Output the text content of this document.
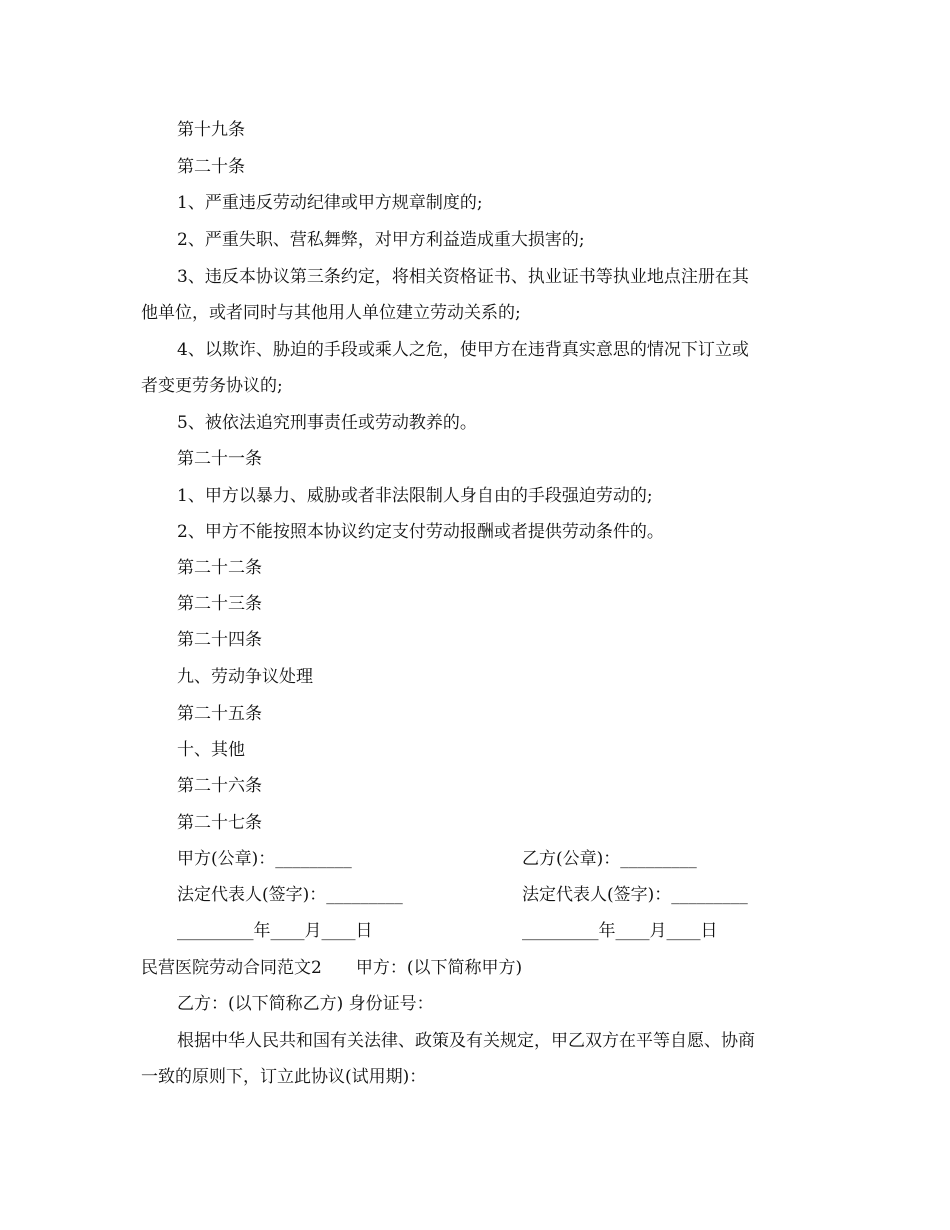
第十九条
第二十条
1、严重违反劳动纪律或甲方规章制度的;
2、严重失职、营私舞弊，对甲方利益造成重大损害的;
3、违反本协议第三条约定，将相关资格证书、执业证书等执业地点注册在其
他单位，或者同时与其他用人单位建立劳动关系的;
4、以欺诈、胁迫的手段或乘人之危，使甲方在违背真实意思的情况下订立或
者变更劳务协议的;
5、被依法追究刑事责任或劳动教养的。
第二十一条
1、甲方以暴力、威胁或者非法限制人身自由的手段强迫劳动的;
2、甲方不能按照本协议约定支付劳动报酬或者提供劳动条件的。
第二十二条
第二十三条
第二十四条
九、劳动争议处理
第二十五条
十、其他
第二十六条
第二十七条
甲方(公章)：_________	乙方(公章)：_________
法定代表人(签字)：_________	法定代表人(签字)：_________
_________年____月____日	_________年____月____日
民营医院劳动合同范文2　　甲方：(以下简称甲方)
乙方：(以下简称乙方) 身份证号：
根据中华人民共和国有关法律、政策及有关规定，甲乙双方在平等自愿、协商
一致的原则下，订立此协议(试用期)：
